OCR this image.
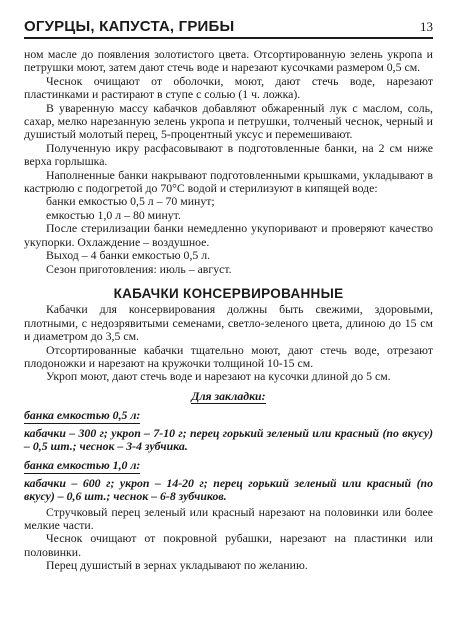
ОГУРЦЫ, КАПУСТА, ГРИБЫ	13

ном масле до появления золотистого цвета. Отсортированную зелень укропа и петрушки моют, затем дают стечь воде и нарезают кусочками размером 0,5 см.

Чеснок очищают от оболочки, моют, дают стечь воде, нарезают пластинками и растирают в ступе с солью (1 ч. ложка).

В уваренную массу кабачков добавляют обжаренный лук с маслом, соль, сахар, мелко нарезанную зелень укропа и петрушки, толченый чеснок, черный и душистый молотый перец, 5-процентный уксус и перемешивают.

Полученную икру расфасовывают в подготовленные банки, на 2 см ниже верха горлышка.

Наполненные банки накрывают подготовленными крышками, укладывают в кастрюлю с подогретой до 70°С водой и стерилизуют в кипящей воде:

банки емкостью 0,5 л – 70 минут;

емкостью 1,0 л – 80 минут.

После стерилизации банки немедленно укупоривают и проверяют качество укупорки. Охлаждение – воздушное.

Выход – 4 банки емкостью 0,5 л.

Сезон приготовления: июль – август.

КАБАЧКИ КОНСЕРВИРОВАННЫЕ

Кабачки для консервирования должны быть свежими, здоровыми, плотными, с недозрявитыми семенами, светло-зеленого цвета, длиною до 15 см и диаметром до 3,5 см.

Отсортированные кабачки тщательно моют, дают стечь воде, отрезают плодоножки и нарезают на кружочки толщиной 10-15 см.

Укроп моют, дают стечь воде и нарезают на кусочки длиной до 5 см.

Для закладки:
банка емкостью 0,5 л:

кабачки – 300 г; укроп – 7-10 г; перец горький зеленый или красный (по вкусу) – 0,5 шт.; чеснок – 3-4 зубчика.

банка емкостью 1,0 л:

кабачки – 600 г; укроп – 14-20 г; перец горький зеленый или красный (по вкусу) – 0,6 шт.; чеснок – 6-8 зубчиков.

Стручковый перец зеленый или красный нарезают на половинки или более мелкие части.

Чеснок очищают от покровной рубашки, нарезают на пластинки или половинки.

Перец душистый в зернах укладывают по желанию.
